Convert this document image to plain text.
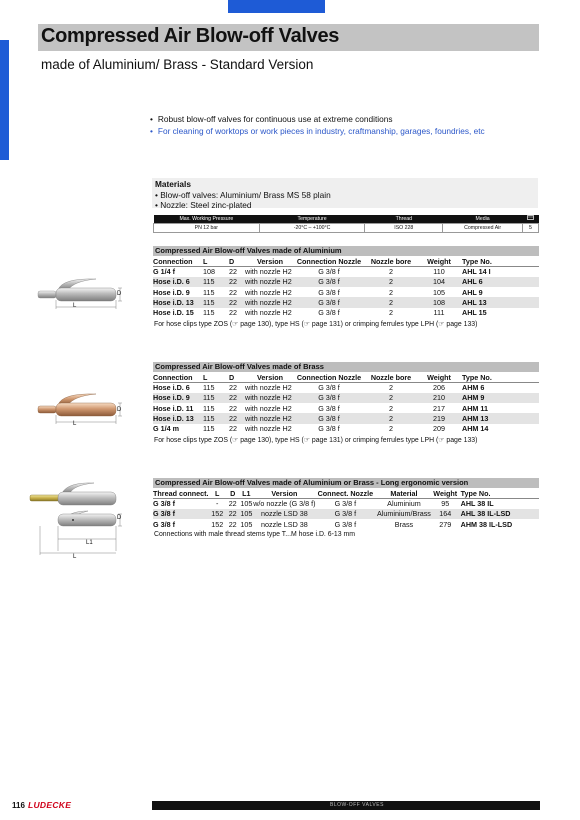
Compressed Air Blow-off Valves
made of Aluminium/ Brass - Standard Version
• Robust blow-off valves for continuous use at extreme conditions
• For cleaning of worktops or work pieces in industry, craftmanship, garages, foundries, etc
Materials
• Blow-off valves: Aluminium/ Brass MS 58 plain
• Nozzle: Steel zinc-plated
Max. Working Pressure	Temperature	Thread	Media	
PN 12 bar	-20°C – +100°C	ISO 228	Compressed Air	5
D
L
Compressed Air Blow-off Valves made of Aluminium
Connection	L	D	Version	Connection Nozzle	Nozzle bore	Weight	Type No.
G 1/4 f	108	22	with nozzle H2	G 3/8 f	2	110	AHL 14 I
Hose i.D. 6	115	22	with nozzle H2	G 3/8 f	2	104	AHL 6
Hose i.D. 9	115	22	with nozzle H2	G 3/8 f	2	105	AHL 9
Hose i.D. 13	115	22	with nozzle H2	G 3/8 f	2	108	AHL 13
Hose i.D. 15	115	22	with nozzle H2	G 3/8 f	2	111	AHL 15
For hose clips type ZOS (☞ page 130), type HS (☞ page 131) or crimping ferrules type LPH (☞ page 133)
D
L
Compressed Air Blow-off Valves made of Brass
Connection	L	D	Version	Connection Nozzle	Nozzle bore	Weight	Type No.
Hose i.D. 6	115	22	with nozzle H2	G 3/8 f	2	206	AHM 6
Hose i.D. 9	115	22	with nozzle H2	G 3/8 f	2	210	AHM 9
Hose i.D. 11	115	22	with nozzle H2	G 3/8 f	2	217	AHM 11
Hose i.D. 13	115	22	with nozzle H2	G 3/8 f	2	219	AHM 13
G 1/4 m	115	22	with nozzle H2	G 3/8 f	2	209	AHM 14
For hose clips type ZOS (☞ page 130), type HS (☞ page 131) or crimping ferrules type LPH (☞ page 133)
D
L1
L
Compressed Air Blow-off Valves made of Aluminium or Brass - Long ergonomic version
Thread connect.	L	D	L1	Version	Connect. Nozzle	Material	Weight	Type No.
G 3/8 f	-	22	105	w/o nozzle (G 3/8 f)	G 3/8 f	Aluminium	95	AHL 38 IL
G 3/8 f	152	22	105	nozzle LSD 38	G 3/8 f	Aluminium/Brass	164	AHL 38 IL-LSD
G 3/8 f	152	22	105	nozzle LSD 38	G 3/8 f	Brass	279	AHM 38 IL-LSD
Connections with male thread stems type T...M hose i.D. 6-13 mm
116 LUDECKE	BLOW-OFF VALVES
